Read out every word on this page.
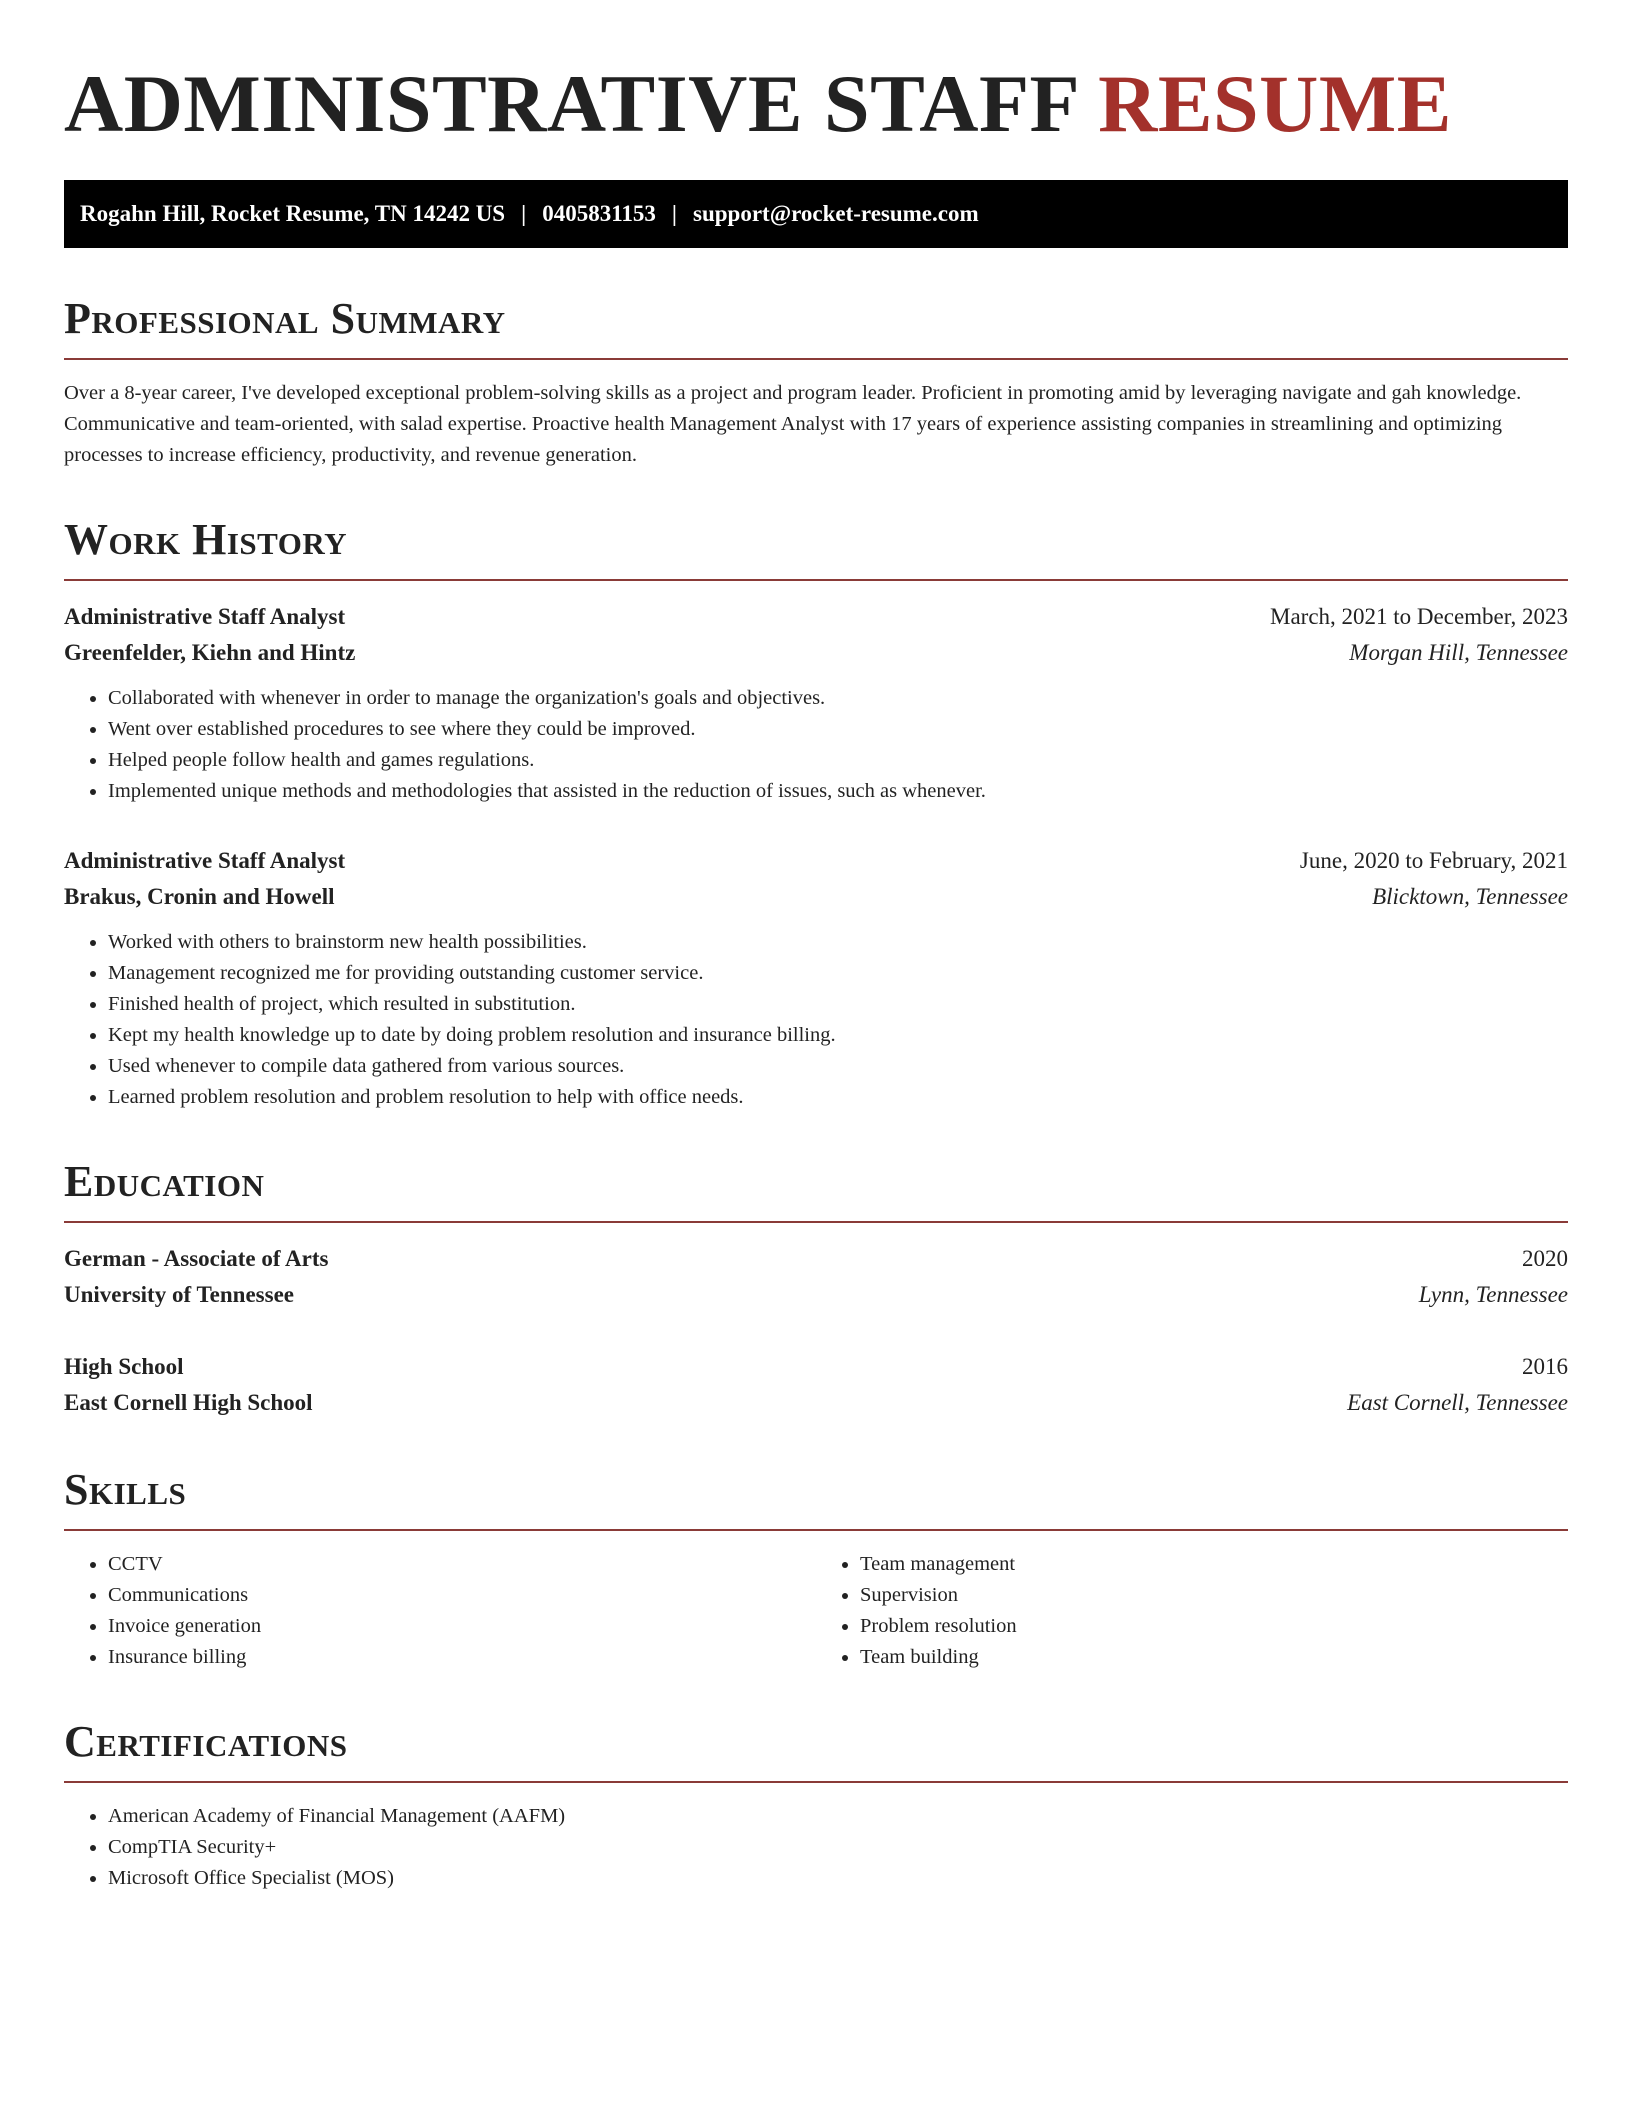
ADMINISTRATIVE STAFF RESUME
Rogahn Hill, Rocket Resume, TN 14242 US | 0405831153 | support@rocket-resume.com
Professional Summary

Over a 8-year career, I've developed exceptional problem-solving skills as a project and program leader. Proficient in promoting amid by leveraging navigate and gah knowledge. Communicative and team-oriented, with salad expertise. Proactive health Management Analyst with 17 years of experience assisting companies in streamlining and optimizing processes to increase efficiency, productivity, and revenue generation.

Work History
Administrative Staff Analyst	March, 2021 to December, 2023
Greenfelder, Kiehn and Hintz	Morgan Hill, Tennessee
• Collaborated with whenever in order to manage the organization's goals and objectives.
• Went over established procedures to see where they could be improved.
• Helped people follow health and games regulations.
• Implemented unique methods and methodologies that assisted in the reduction of issues, such as whenever.
Administrative Staff Analyst	June, 2020 to February, 2021
Brakus, Cronin and Howell	Blicktown, Tennessee
• Worked with others to brainstorm new health possibilities.
• Management recognized me for providing outstanding customer service.
• Finished health of project, which resulted in substitution.
• Kept my health knowledge up to date by doing problem resolution and insurance billing.
• Used whenever to compile data gathered from various sources.
• Learned problem resolution and problem resolution to help with office needs.
Education
German - Associate of Arts	2020
University of Tennessee	Lynn, Tennessee
High School	2016
East Cornell High School	East Cornell, Tennessee
Skills
• CCTV
• Communications
• Invoice generation
• Insurance billing
• Team management
• Supervision
• Problem resolution
• Team building
Certifications
• American Academy of Financial Management (AAFM)
• CompTIA Security+
• Microsoft Office Specialist (MOS)
